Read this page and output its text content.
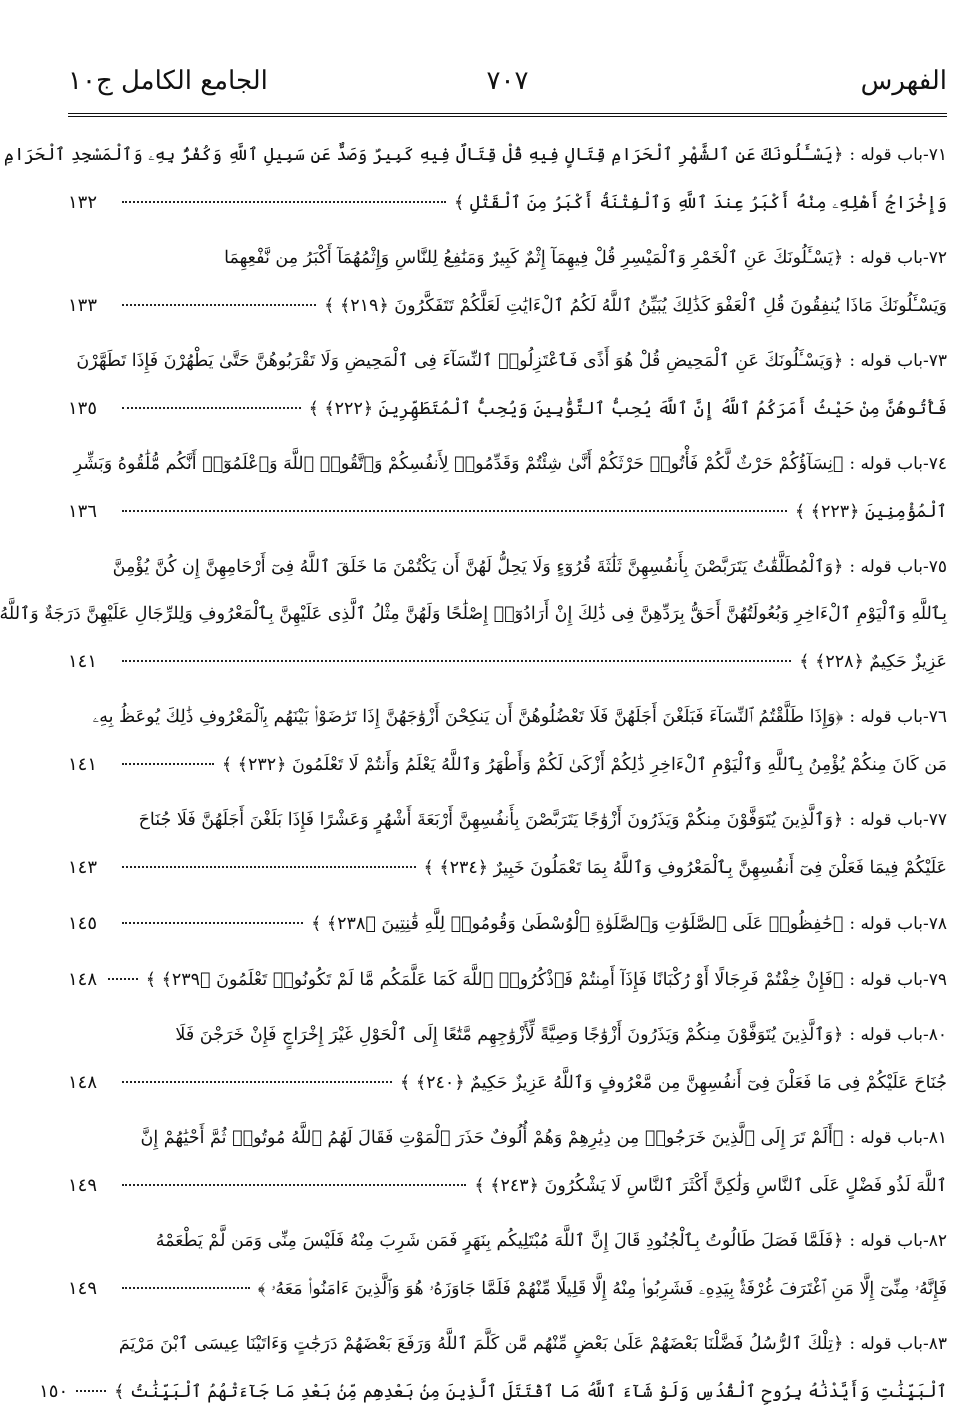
الفهرس
٧٠٧
الجامع الكامل ج١٠
٧١-
باب قوله :
﴿يَسْـَٔلُونَكَ عَنِ ٱلشَّهْرِ ٱلْحَرَامِ قِتَالٍ فِيهِ قُلْ قِتَالٌ فِيهِ كَبِيرٌ وَصَدٌّ عَن سَبِيلِ ٱللَّهِ وَكُفْرٌۢ بِهِۦ وَٱلْمَسْجِدِ ٱلْحَرَامِ
وَإِخْرَاجُ أَهْلِهِۦ مِنْهُ أَكْبَرُ عِندَ ٱللَّهِ وَٱلْفِتْنَةُ أَكْبَرُ مِنَ ٱلْقَتْلِ ﴾
١٣٢
٧٢-
باب قوله :
﴿يَسْـَٔلُونَكَ عَنِ ٱلْخَمْرِ وَٱلْمَيْسِرِ قُلْ فِيهِمَآ إِثْمٌ كَبِيرٌ وَمَنَٰفِعُ لِلنَّاسِ وَإِثْمُهُمَآ أَكْبَرُ مِن نَّفْعِهِمَا
وَيَسْـَٔلُونَكَ مَاذَا يُنفِقُونَ قُلِ ٱلْعَفْوَ كَذَٰلِكَ يُبَيِّنُ ٱللَّهُ لَكُمُ ٱلْءَايَٰتِ لَعَلَّكُمْ تَتَفَكَّرُونَ ﴿٢١٩﴾ ﴾
١٣٣
٧٣-
باب قوله :
﴿وَيَسْـَٔلُونَكَ عَنِ ٱلْمَحِيضِ قُلْ هُوَ أَذًى فَٱعْتَزِلُوا۟ ٱلنِّسَآءَ فِى ٱلْمَحِيضِ وَلَا تَقْرَبُوهُنَّ حَتَّىٰ يَطْهُرْنَ فَإِذَا تَطَهَّرْنَ
فَأْتُوهُنَّ مِنْ حَيْثُ أَمَرَكُمُ ٱللَّهُ إِنَّ ٱللَّهَ يُحِبُّ ٱلتَّوَّٰبِينَ وَيُحِبُّ ٱلْمُتَطَهِّرِينَ ﴿٢٢٢﴾ ﴾
١٣٥
٧٤-
باب قوله :
﴿نِسَآؤُكُمْ حَرْثٌ لَّكُمْ فَأْتُوا۟ حَرْثَكُمْ أَنَّىٰ شِئْتُمْ وَقَدِّمُوا۟ لِأَنفُسِكُمْ وَٱتَّقُوا۟ ٱللَّهَ وَٱعْلَمُوٓا۟ أَنَّكُم مُّلَٰقُوهُ وَبَشِّرِ
ٱلْمُؤْمِنِينَ ﴿٢٢٣﴾ ﴾
١٣٦
٧٥-
باب قوله :
﴿وَٱلْمُطَلَّقَٰتُ يَتَرَبَّصْنَ بِأَنفُسِهِنَّ ثَلَٰثَةَ قُرُوٓءٍ وَلَا يَحِلُّ لَهُنَّ أَن يَكْتُمْنَ مَا خَلَقَ ٱللَّهُ فِىٓ أَرْحَامِهِنَّ إِن كُنَّ يُؤْمِنَّ
بِٱللَّهِ وَٱلْيَوْمِ ٱلْءَاخِرِ وَبُعُولَتُهُنَّ أَحَقُّ بِرَدِّهِنَّ فِى ذَٰلِكَ إِنْ أَرَادُوٓا۟ إِصْلَٰحًا وَلَهُنَّ مِثْلُ ٱلَّذِى عَلَيْهِنَّ بِٱلْمَعْرُوفِ وَلِلرِّجَالِ عَلَيْهِنَّ دَرَجَةٌ وَٱللَّهُ
عَزِيزٌ حَكِيمٌ ﴿٢٢٨﴾ ﴾
١٤١
٧٦-
باب قوله :
﴿وَإِذَا طَلَّقْتُمُ ٱلنِّسَآءَ فَبَلَغْنَ أَجَلَهُنَّ فَلَا تَعْضُلُوهُنَّ أَن يَنكِحْنَ أَزْوَٰجَهُنَّ إِذَا تَرَٰضَوْا۟ بَيْنَهُم بِٱلْمَعْرُوفِ ذَٰلِكَ يُوعَظُ بِهِۦ
مَن كَانَ مِنكُمْ يُؤْمِنُ بِٱللَّهِ وَٱلْيَوْمِ ٱلْءَاخِرِ ذَٰلِكُمْ أَزْكَىٰ لَكُمْ وَأَطْهَرُ وَٱللَّهُ يَعْلَمُ وَأَنتُمْ لَا تَعْلَمُونَ ﴿٢٣٢﴾ ﴾
١٤١
٧٧-
باب قوله :
﴿وَٱلَّذِينَ يُتَوَفَّوْنَ مِنكُمْ وَيَذَرُونَ أَزْوَٰجًا يَتَرَبَّصْنَ بِأَنفُسِهِنَّ أَرْبَعَةَ أَشْهُرٍ وَعَشْرًا فَإِذَا بَلَغْنَ أَجَلَهُنَّ فَلَا جُنَاحَ
عَلَيْكُمْ فِيمَا فَعَلْنَ فِىٓ أَنفُسِهِنَّ بِٱلْمَعْرُوفِ وَٱللَّهُ بِمَا تَعْمَلُونَ خَبِيرٌ ﴿٢٣٤﴾ ﴾
١٤٣
٧٨-
باب قوله :
﴿حَٰفِظُوا۟ عَلَى ٱلصَّلَوَٰتِ وَٱلصَّلَوٰةِ ٱلْوُسْطَىٰ وَقُومُوا۟ لِلَّهِ قَٰنِتِينَ ﴿٢٣٨﴾ ﴾
١٤٥
٧٩-
باب قوله :
﴿فَإِنْ خِفْتُمْ فَرِجَالًا أَوْ رُكْبَانًا فَإِذَآ أَمِنتُمْ فَٱذْكُرُوا۟ ٱللَّهَ كَمَا عَلَّمَكُم مَّا لَمْ تَكُونُوا۟ تَعْلَمُونَ ﴿٢٣٩﴾ ﴾
١٤٨
٨٠-
باب قوله :
﴿وَٱلَّذِينَ يُتَوَفَّوْنَ مِنكُمْ وَيَذَرُونَ أَزْوَٰجًا وَصِيَّةً لِّأَزْوَٰجِهِم مَّتَٰعًا إِلَى ٱلْحَوْلِ غَيْرَ إِخْرَاجٍ فَإِنْ خَرَجْنَ فَلَا
جُنَاحَ عَلَيْكُمْ فِى مَا فَعَلْنَ فِىٓ أَنفُسِهِنَّ مِن مَّعْرُوفٍ وَٱللَّهُ عَزِيزٌ حَكِيمٌ ﴿٢٤٠﴾ ﴾
١٤٨
٨١-
باب قوله :
﴿أَلَمْ تَرَ إِلَى ٱلَّذِينَ خَرَجُوا۟ مِن دِيَٰرِهِمْ وَهُمْ أُلُوفٌ حَذَرَ ٱلْمَوْتِ فَقَالَ لَهُمُ ٱللَّهُ مُوتُوا۟ ثُمَّ أَحْيَٰهُمْ إِنَّ
ٱللَّهَ لَذُو فَضْلٍ عَلَى ٱلنَّاسِ وَلَٰكِنَّ أَكْثَرَ ٱلنَّاسِ لَا يَشْكُرُونَ ﴿٢٤٣﴾ ﴾
١٤٩
٨٢-
باب قوله :
﴿فَلَمَّا فَصَلَ طَالُوتُ بِٱلْجُنُودِ قَالَ إِنَّ ٱللَّهَ مُبْتَلِيكُم بِنَهَرٍ فَمَن شَرِبَ مِنْهُ فَلَيْسَ مِنِّى وَمَن لَّمْ يَطْعَمْهُ
فَإِنَّهُۥ مِنِّىٓ إِلَّا مَنِ ٱغْتَرَفَ غُرْفَةًۢ بِيَدِهِۦ فَشَرِبُوا۟ مِنْهُ إِلَّا قَلِيلًا مِّنْهُمْ فَلَمَّا جَاوَزَهُۥ هُوَ وَٱلَّذِينَ ءَامَنُوا۟ مَعَهُۥ ﴾
١٤٩
٨٣-
باب قوله :
﴿تِلْكَ ٱلرُّسُلُ فَضَّلْنَا بَعْضَهُمْ عَلَىٰ بَعْضٍ مِّنْهُم مَّن كَلَّمَ ٱللَّهُ وَرَفَعَ بَعْضَهُمْ دَرَجَٰتٍ وَءَاتَيْنَا عِيسَى ٱبْنَ مَرْيَمَ
ٱلْبَيِّنَٰتِ وَأَيَّدْنَٰهُ بِرُوحِ ٱلْقُدُسِ وَلَوْ شَآءَ ٱللَّهُ مَا ٱقْتَتَلَ ٱلَّذِينَ مِنۢ بَعْدِهِم مِّنۢ بَعْدِ مَا جَآءَتْهُمُ ٱلْبَيِّنَٰتُ ﴾
١٥٠
